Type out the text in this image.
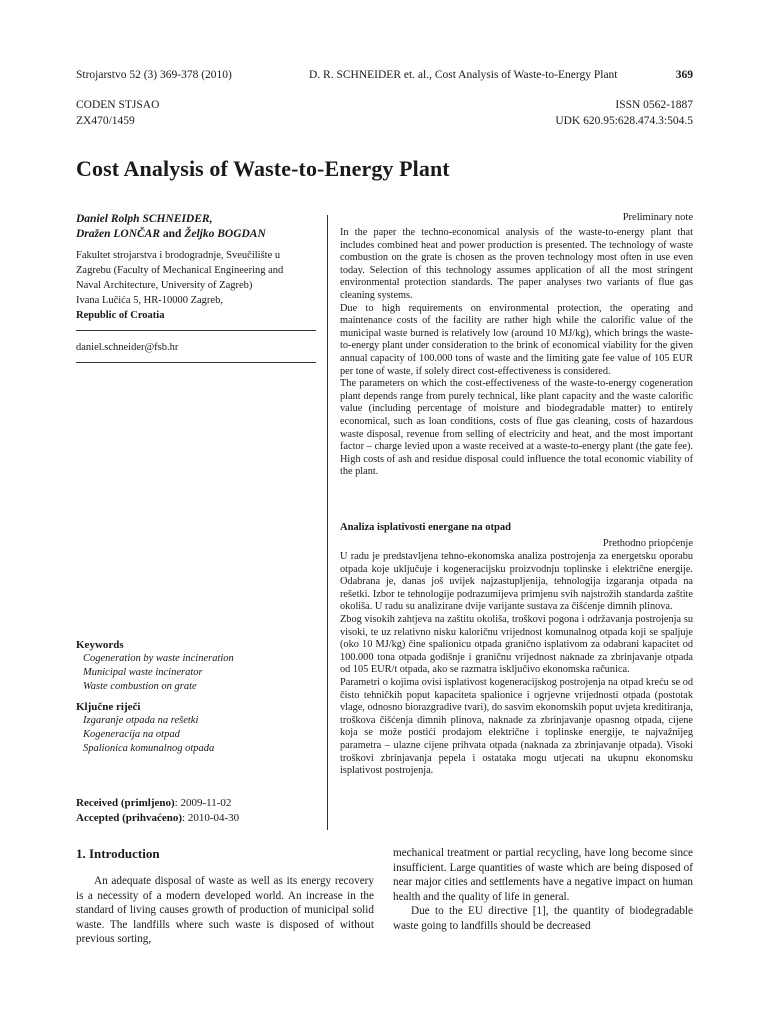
Strojarstvo 52 (3) 369-378 (2010)	D. R. SCHNEIDER et. al., Cost Analysis of Waste-to-Energy Plant	369
CODEN STJSAO
ZX470/1459
ISSN 0562-1887
UDK 620.95:628.474.3:504.5
Cost Analysis of Waste-to-Energy Plant
Daniel Rolph SCHNEIDER,
Dražen LONČAR and Željko BOGDAN
Fakultet strojarstva i brodogradnje, Sveučilište u
Zagrebu (Faculty of Mechanical Engineering and
Naval Architecture, University of Zagreb)
Ivana Lučića 5, HR-10000 Zagreb,
Republic of Croatia
daniel.schneider@fsb.hr
Keywords
Cogeneration by waste incineration
Municipal waste incinerator
Waste combustion on grate
Ključne riječi
Izgaranje otpada na rešetki
Kogeneracija na otpad
Spalionica komunalnog otpada
Received (primljeno): 2009-11-02
Accepted (prihvaćeno): 2010-04-30
Preliminary note

In the paper the techno-economical analysis of the waste-to-energy plant that includes combined heat and power production is presented. The technology of waste combustion on the grate is chosen as the proven technology most often in use even today. Selection of this technology assumes application of all the most stringent environmental protection standards. The paper analyses two variants of flue gas cleaning systems.

Due to high requirements on environmental protection, the operating and maintenance costs of the facility are rather high while the calorific value of the municipal waste burned is relatively low (around 10 MJ/kg), which brings the waste-to-energy plant under consideration to the brink of economical viability for the given annual capacity of 100.000 tons of waste and the limiting gate fee value of 105 EUR per tone of waste, if solely direct cost-effectiveness is considered.

The parameters on which the cost-effectiveness of the waste-to-energy cogeneration plant depends range from purely technical, like plant capacity and the waste calorific value (including percentage of moisture and biodegradable matter) to entirely economical, such as loan conditions, costs of flue gas cleaning, costs of hazardous waste disposal, revenue from selling of electricity and heat, and the most important factor – charge levied upon a waste received at a waste-to-energy plant (the gate fee). High costs of ash and residue disposal could influence the total economic viability of the plant.

Analiza isplativosti energane na otpad
Prethodno priopćenje

U radu je predstavljena tehno-ekonomska analiza postrojenja za energetsku oporabu otpada koje uključuje i kogeneracijsku proizvodnju toplinske i električne energije. Odabrana je, danas još uvijek najzastupljenija, tehnologija izgaranja otpada na rešetki. Izbor te tehnologije podrazumijeva primjenu svih najstrožih standarda zaštite okoliša. U radu su analizirane dvije varijante sustava za čišćenje dimnih plinova.

Zbog visokih zahtjeva na zaštitu okoliša, troškovi pogona i održavanja postrojenja su visoki, te uz relativno nisku kaloričnu vrijednost komunalnog otpada koji se spaljuje (oko 10 MJ/kg) čine spalionicu otpada granično isplativom za odabrani kapacitet od 100.000 tona otpada godišnje i graničnu vrijednost naknade za zbrinjavanje otpada od 105 EUR/t otpada, ako se razmatra isključivo ekonomska računica.

Parametri o kojima ovisi isplativost kogeneracijskog postrojenja na otpad kreću se od čisto tehničkih poput kapaciteta spalionice i ogrjevne vrijednosti otpada (postotak vlage, odnosno biorazgradive tvari), do sasvim ekonomskih poput uvjeta kreditiranja, troškova čišćenja dimnih plinova, naknade za zbrinjavanje opasnog otpada, cijene koja se može postići prodajom električne i toplinske energije, te najvažnijeg parametra – ulazne cijene prihvata otpada (naknada za zbrinjavanje otpada). Visoki troškovi zbrinjavanja pepela i ostataka mogu utjecati na ukupnu ekonomsku isplativost postrojenja.

1. Introduction

An adequate disposal of waste as well as its energy recovery is a necessity of a modern developed world. An increase in the standard of living causes growth of production of municipal solid waste. The landfills where such waste is disposed of without previous sorting,

mechanical treatment or partial recycling, have long become since insufficient. Large quantities of waste which are being disposed of near major cities and settlements have a negative impact on human health and the quality of life in general.

Due to the EU directive [1], the quantity of biodegradable waste going to landfills should be decreased
